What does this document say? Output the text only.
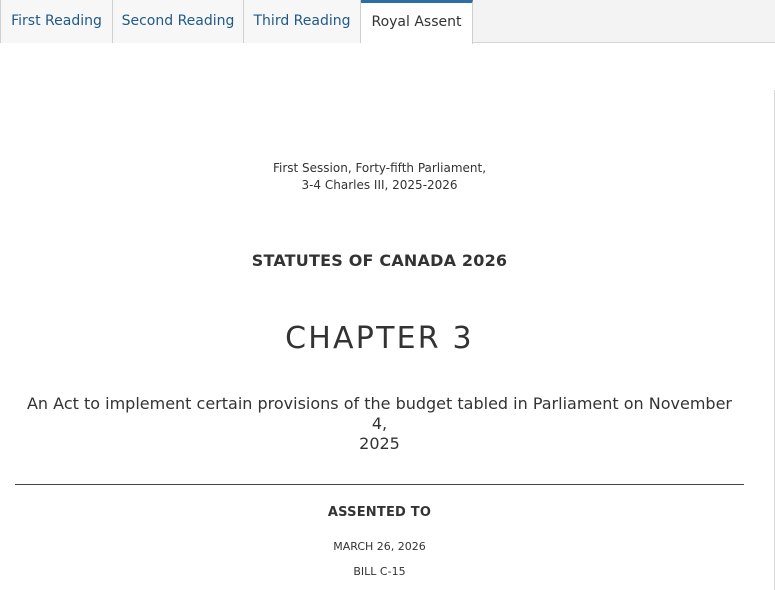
First Reading	Second Reading	Third Reading	Royal Assent
First Session, Forty-fifth Parliament,
3-4 Charles III, 2025-2026
STATUTES OF CANADA 2026
CHAPTER 3
An Act to implement certain provisions of the budget tabled in Parliament on November 4,
2025
ASSENTED TO
MARCH 26, 2026
BILL C-15
